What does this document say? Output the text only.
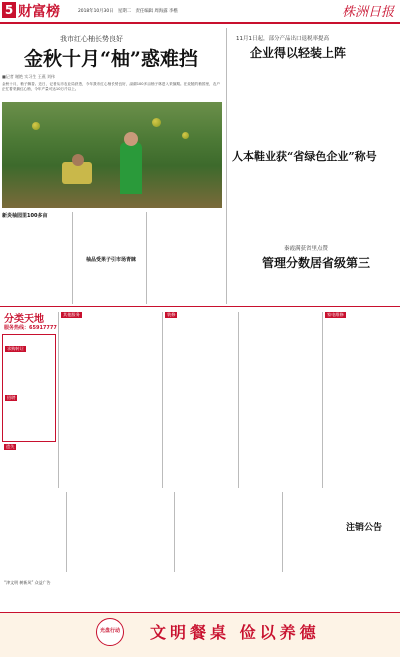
5 财富榜	2018年10月30日　星期二　责任编辑 周海露 李樵	株洲日报
我市红心柚长势良好
金秋十月“柚”惑难挡
■记者 谢艳 实习生 王燕 刘伟
金秋十月，柚子飘香。近日，记者从市农业局获悉，今年我市红心柚长势良好，渌湖100多亩柚子林进入采摘期。在炎陵的柚园里，农户正忙着采摘红心柚，今年产量可达10万斤以上。
新炎柚园里100多亩
柚品受果子引市场青睐
11月1日起，部分产品出口退税率提高
企业得以轻装上阵
人本鞋业获“省绿色企业”称号
秦霞满获省里点赞
管理分数居省级第三
分类天地
服务热线：65917777
求购转让
招聘
其他服务	装修	家电维修
遗失
注销公告
“津文明 树新风” 众益广告
光盘行动 文明餐桌 俭以养德
